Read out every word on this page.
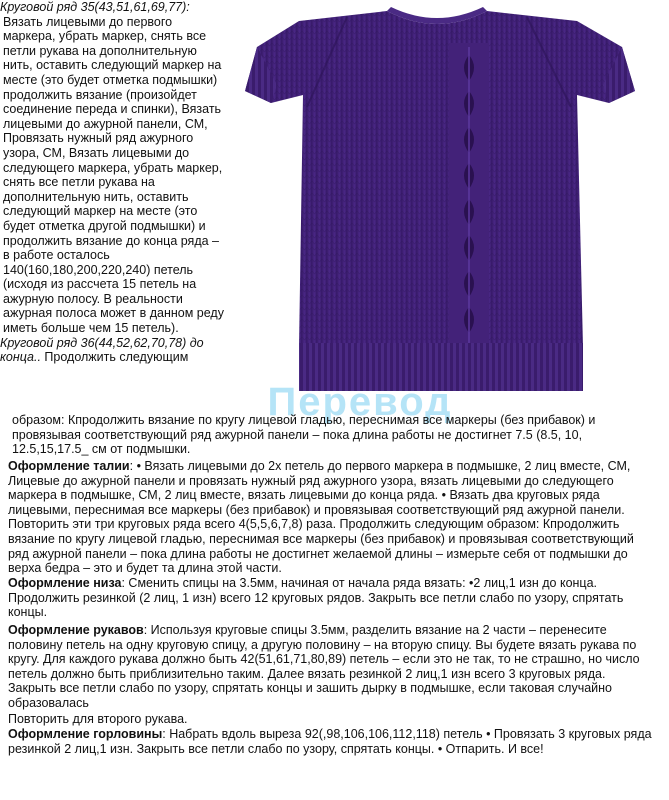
Круговой ряд 35(43,51,61,69,77):

Вязать лицевыми до первого маркера, убрать маркер, снять все петли рукава на дополнительную нить, оставить следующий маркер на месте (это будет отметка подмышки) продолжить вязание (произойдет соединение переда и спинки), Вязать лицевыми до ажурной панели, СМ, Провязать нужный ряд ажурного узора, СМ, Вязать лицевыми до следующего маркера, убрать маркер, снять все петли рукава на дополнительную нить, оставить следующий маркер на месте (это будет отметка другой подмышки) и продолжить вязание до конца ряда – в работе осталось 140(160,180,200,220,240) петель (исходя из рассчета 15 петель на ажурную полосу. В реальности ажурная полоса может в данном реду иметь больше чем 15 петель).

Круговой ряд 36(44,52,62,70,78) до конца.. Продолжить следующим

Перевод

образом: Кпродолжить вязание по кругу лицевой гладью, переснимая все маркеры (без прибавок) и провязывая соответствующий ряд ажурной панели – пока длина работы не достигнет 7.5 (8.5, 10, 12.5,15,17.5_ см от подмышки.

Оформление талии: • Вязать лицевыми до 2х петель до первого маркера в подмышке, 2 лиц вместе, СМ, Лицевые до ажурной панели и провязать нужный ряд ажурного узора, вязать лицевыми до следующего маркера в подмышке, СМ, 2 лиц вместе, вязать лицевыми до конца ряда. • Вязать два круговых ряда лицевыми, переснимая все маркеры (без прибавок) и провязывая соответствующий ряд ажурной панели. Повторить эти три круговых ряда всего 4(5,5,6,7,8) раза. Продолжить следующим образом: Кпродолжить вязание по кругу лицевой гладью, переснимая все маркеры (без прибавок) и провязывая соответствующий ряд ажурной панели – пока длина работы не достигнет желаемой длины – измерьте себя от подмышки до верха бедра – это и будет та длина этой части.

Оформление низа: Сменить спицы на 3.5мм, начиная от начала ряда вязать: •2 лиц,1 изн до конца. Продолжить резинкой (2 лиц, 1 изн) всего 12 круговых рядов. Закрыть все петли слабо по узору, спрятать концы.

Оформление рукавов: Используя круговые спицы 3.5мм, разделить вязание на 2 части – перенесите половину петель на одну круговую спицу, а другую половину – на вторую спицу. Вы будете вязать рукава по кругу. Для каждого рукава должно быть 42(51,61,71,80,89) петель – если это не так, то не страшно, но число петель должно быть приблизительно таким. Далее вязать резинкой 2 лиц,1 изн всего 3 круговых ряда. Закрыть все петли слабо по узору, спрятать концы и зашить дырку в подмышке, если таковая случайно образовалась

Повторить для второго рукава.

Оформление горловины: Набрать вдоль выреза 92(,98,106,106,112,118) петель • Провязать 3 круговых ряда резинкой 2 лиц,1 изн. Закрыть все петли слабо по узору, спрятать концы. • Отпарить. И все!
